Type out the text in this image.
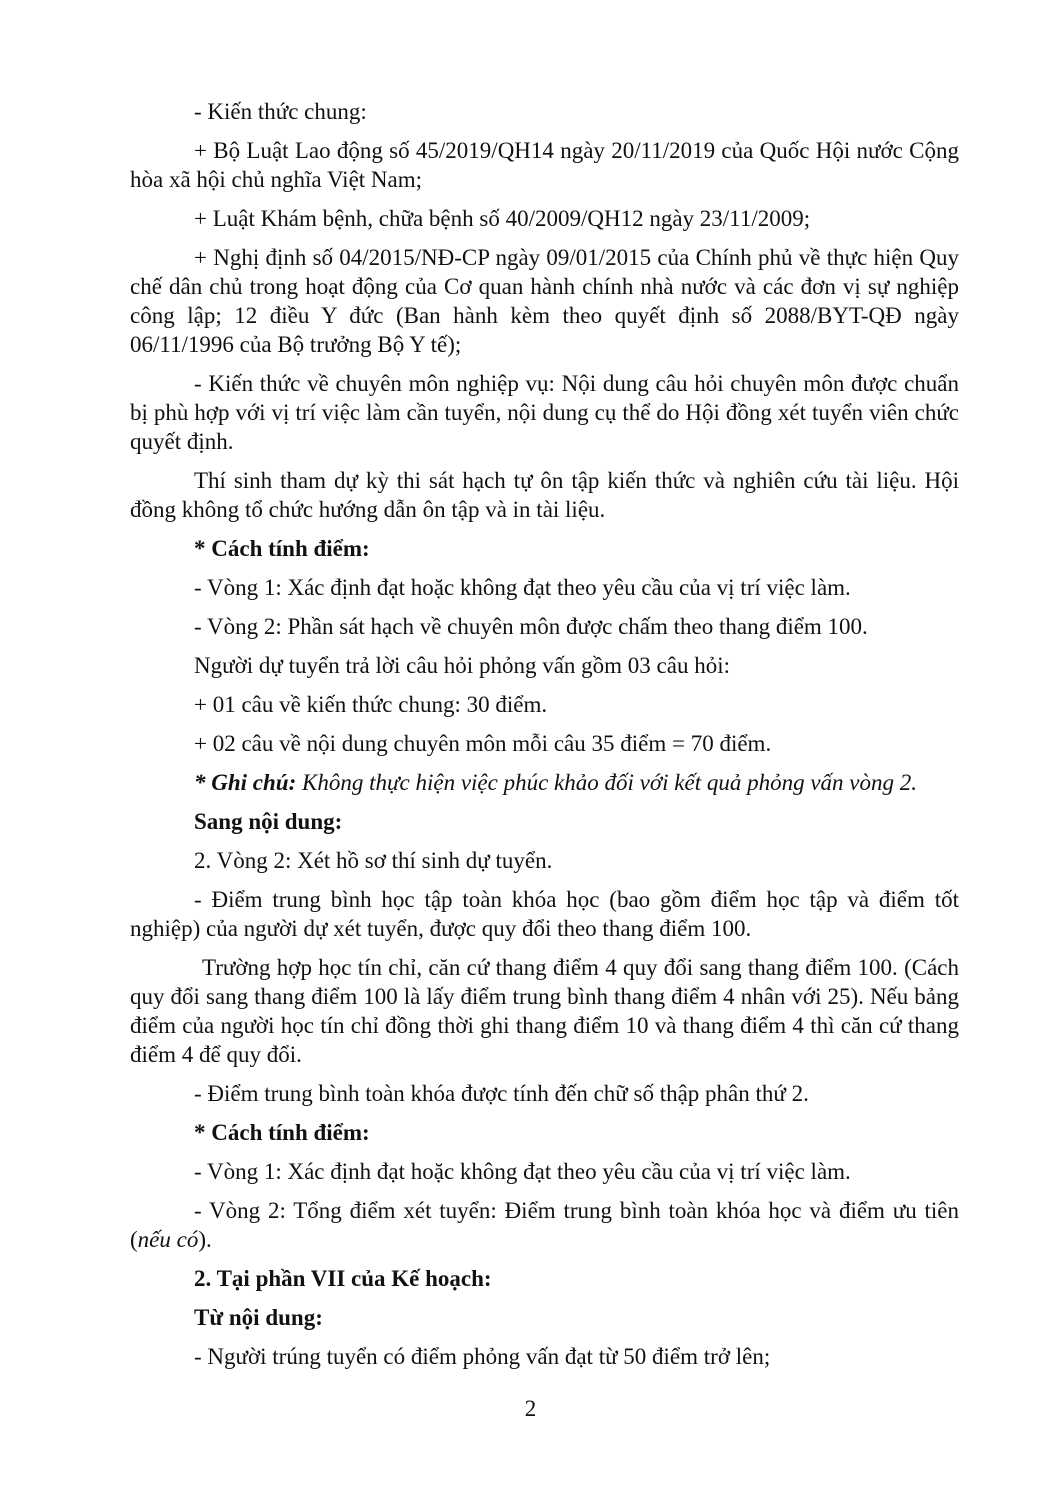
- Kiến thức chung:

+ Bộ Luật Lao động số 45/2019/QH14 ngày 20/11/2019 của Quốc Hội nước Cộng hòa xã hội chủ nghĩa Việt Nam;

+ Luật Khám bệnh, chữa bệnh số 40/2009/QH12 ngày 23/11/2009;

+ Nghị định số 04/2015/NĐ-CP ngày 09/01/2015 của Chính phủ về thực hiện Quy chế dân chủ trong hoạt động của Cơ quan hành chính nhà nước và các đơn vị sự nghiệp công lập; 12 điều Y đức (Ban hành kèm theo quyết định số 2088/BYT-QĐ ngày 06/11/1996 của Bộ trưởng Bộ Y tế);

- Kiến thức về chuyên môn nghiệp vụ: Nội dung câu hỏi chuyên môn được chuẩn bị phù hợp với vị trí việc làm cần tuyển, nội dung cụ thể do Hội đồng xét tuyển viên chức quyết định.

Thí sinh tham dự kỳ thi sát hạch tự ôn tập kiến thức và nghiên cứu tài liệu. Hội đồng không tổ chức hướng dẫn ôn tập và in tài liệu.

* Cách tính điểm:

- Vòng 1: Xác định đạt hoặc không đạt theo yêu cầu của vị trí việc làm.

- Vòng 2: Phần sát hạch về chuyên môn được chấm theo thang điểm 100.

Người dự tuyển trả lời câu hỏi phỏng vấn gồm 03 câu hỏi:

+ 01 câu về kiến thức chung: 30 điểm.

+ 02 câu về nội dung chuyên môn mỗi câu 35 điểm = 70 điểm.

* Ghi chú: Không thực hiện việc phúc khảo đối với kết quả phỏng vấn vòng 2.

Sang nội dung:

2. Vòng 2: Xét hồ sơ thí sinh dự tuyển.

- Điểm trung bình học tập toàn khóa học (bao gồm điểm học tập và điểm tốt nghiệp) của người dự xét tuyển, được quy đổi theo thang điểm 100.

Trường hợp học tín chỉ, căn cứ thang điểm 4 quy đổi sang thang điểm 100. (Cách quy đổi sang thang điểm 100 là lấy điểm trung bình thang điểm 4 nhân với 25). Nếu bảng điểm của người học tín chỉ đồng thời ghi thang điểm 10 và thang điểm 4 thì căn cứ thang điểm 4 để quy đổi.

- Điểm trung bình toàn khóa được tính đến chữ số thập phân thứ 2.

* Cách tính điểm:

- Vòng 1: Xác định đạt hoặc không đạt theo yêu cầu của vị trí việc làm.

- Vòng 2: Tổng điểm xét tuyển: Điểm trung bình toàn khóa học và điểm ưu tiên (nếu có).

2. Tại phần VII của Kế hoạch:

Từ nội dung:

- Người trúng tuyển có điểm phỏng vấn đạt từ 50 điểm trở lên;

2
